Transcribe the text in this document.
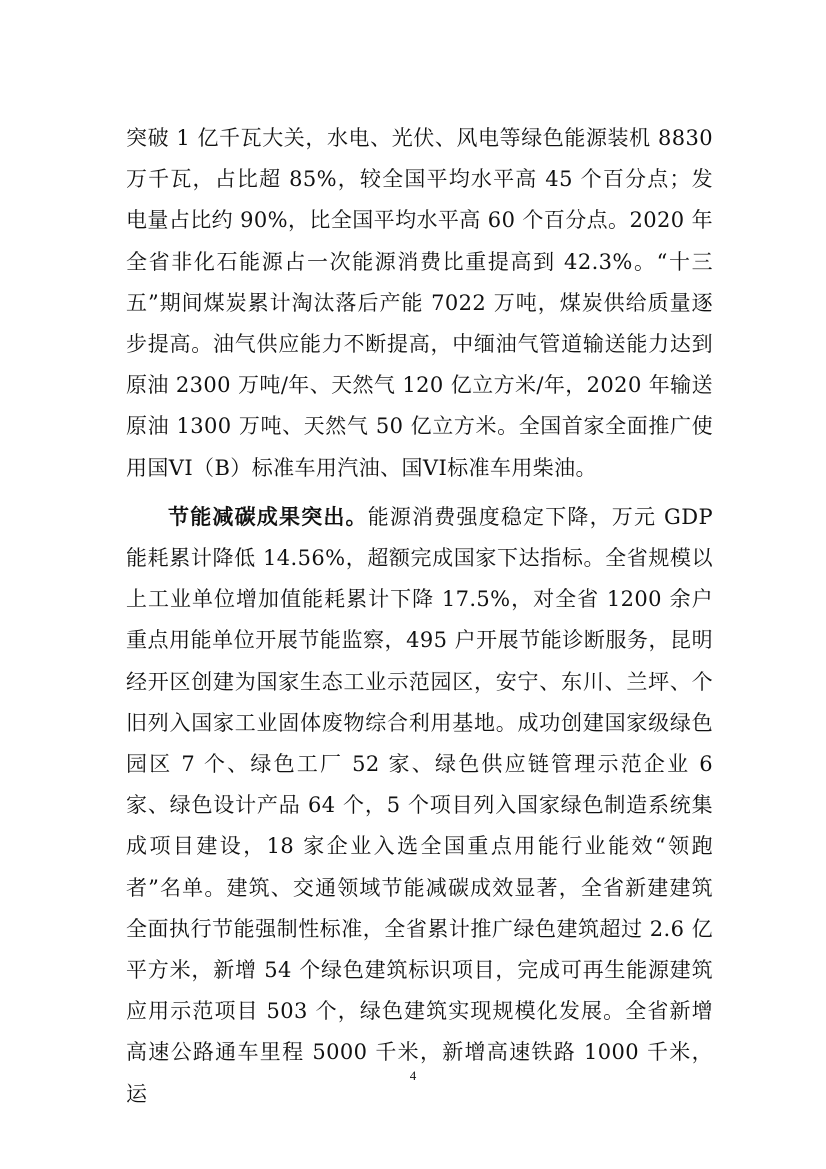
突破 1 亿千瓦大关，水电、光伏、风电等绿色能源装机 8830 万千瓦，占比超 85%，较全国平均水平高 45 个百分点；发电量占比约 90%，比全国平均水平高 60 个百分点。2020 年全省非化石能源占一次能源消费比重提高到 42.3%。“十三五”期间煤炭累计淘汰落后产能 7022 万吨，煤炭供给质量逐步提高。油气供应能力不断提高，中缅油气管道输送能力达到原油 2300 万吨/年、天然气 120 亿立方米/年，2020 年输送原油 1300 万吨、天然气 50 亿立方米。全国首家全面推广使用国VI（B）标准车用汽油、国VI标准车用柴油。

节能减碳成果突出。能源消费强度稳定下降，万元 GDP 能耗累计降低 14.56%，超额完成国家下达指标。全省规模以上工业单位增加值能耗累计下降 17.5%，对全省 1200 余户重点用能单位开展节能监察，495 户开展节能诊断服务，昆明经开区创建为国家生态工业示范园区，安宁、东川、兰坪、个旧列入国家工业固体废物综合利用基地。成功创建国家级绿色园区 7 个、绿色工厂 52 家、绿色供应链管理示范企业 6 家、绿色设计产品 64 个，5 个项目列入国家绿色制造系统集成项目建设，18 家企业入选全国重点用能行业能效“领跑者”名单。建筑、交通领域节能减碳成效显著，全省新建建筑全面执行节能强制性标准，全省累计推广绿色建筑超过 2.6 亿平方米，新增 54 个绿色建筑标识项目，完成可再生能源建筑应用示范项目 503 个，绿色建筑实现规模化发展。全省新增高速公路通车里程 5000 千米，新增高速铁路 1000 千米，运

4
